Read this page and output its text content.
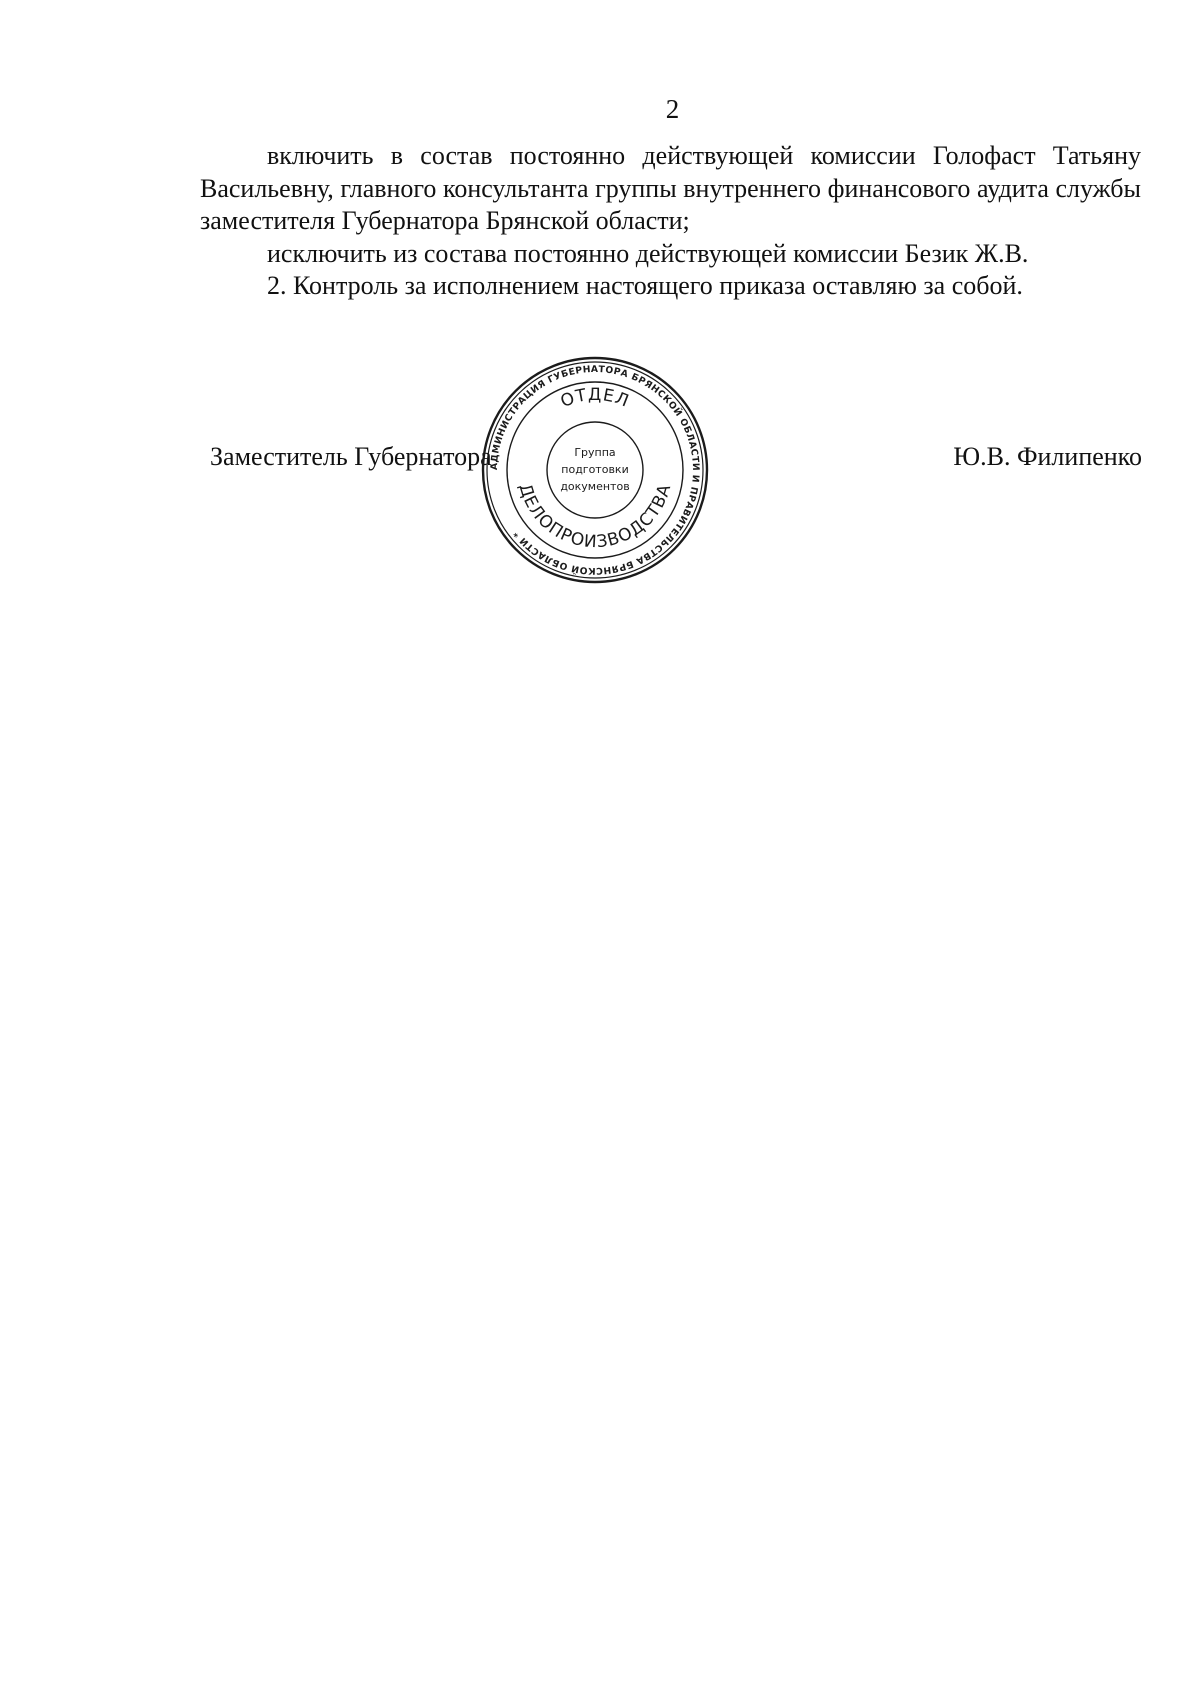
2

включить в состав постоянно действующей комиссии Голофаст Татьяну Васильевну, главного консультанта группы внутреннего финансового аудита службы заместителя Губернатора Брянской области;

исключить из состава постоянно действующей комиссии Безик Ж.В.

2. Контроль за исполнением настоящего приказа оставляю за собой.

Заместитель Губернатора
АДМИНИСТРАЦИЯ ГУБЕРНАТОРА БРЯНСКОЙ ОБЛАСТИ И ПРАВИТЕЛЬСТВА БРЯНСКОЙ ОБЛАСТИ *
ОТДЕЛ
ДЕЛОПРОИЗВОДСТВА
Группа
подготовки
документов
Ю.В. Филипенко
